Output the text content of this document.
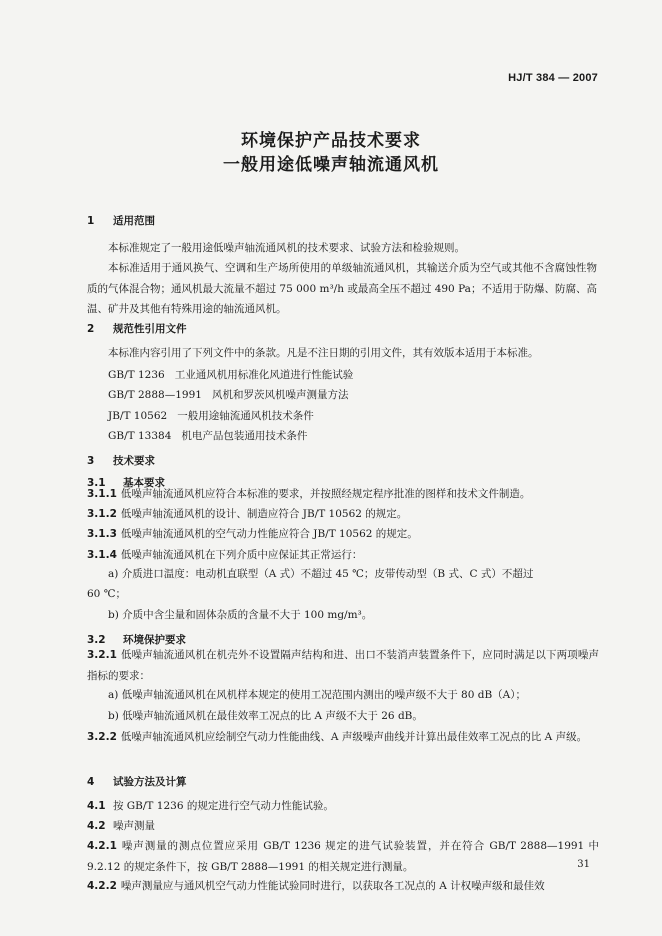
HJ/T 384 — 2007
环境保护产品技术要求
一般用途低噪声轴流通风机
1 适用范围
本标准规定了一般用途低噪声轴流通风机的技术要求、试验方法和检验规则。
本标准适用于通风换气、空调和生产场所使用的单级轴流通风机，其输送介质为空气或其他不含腐蚀性物质的气体混合物；通风机最大流量不超过 75 000 m³/h 或最高全压不超过 490 Pa；不适用于防爆、防腐、高温、矿井及其他有特殊用途的轴流通风机。
2 规范性引用文件
本标准内容引用了下列文件中的条款。凡是不注日期的引用文件，其有效版本适用于本标准。
GB/T 1236   工业通风机用标准化风道进行性能试验
GB/T 2888—1991   风机和罗茨风机噪声测量方法
JB/T 10562   一般用途轴流通风机技术条件
GB/T 13384   机电产品包装通用技术条件
3 技术要求
3.1 基本要求
3.1.1 低噪声轴流通风机应符合本标准的要求，并按照经规定程序批准的图样和技术文件制造。
3.1.2 低噪声轴流通风机的设计、制造应符合 JB/T 10562 的规定。
3.1.3 低噪声轴流通风机的空气动力性能应符合 JB/T 10562 的规定。
3.1.4 低噪声轴流通风机在下列介质中应保证其正常运行：
a) 介质进口温度：电动机直联型（A 式）不超过 45 ℃；皮带传动型（B 式、C 式）不超过
60 ℃；
b) 介质中含尘量和固体杂质的含量不大于 100 mg/m³。
3.2 环境保护要求
3.2.1 低噪声轴流通风机在机壳外不设置隔声结构和进、出口不装消声装置条件下，应同时满足以下两项噪声指标的要求：
a) 低噪声轴流通风机在风机样本规定的使用工况范围内测出的噪声级不大于 80 dB（A）；
b) 低噪声轴流通风机在最佳效率工况点的比 A 声级不大于 26 dB。
3.2.2 低噪声轴流通风机应绘制空气动力性能曲线、A 声级噪声曲线并计算出最佳效率工况点的比 A 声级。
4 试验方法及计算
4.1 按 GB/T 1236 的规定进行空气动力性能试验。
4.2 噪声测量
4.2.1 噪声测量的测点位置应采用 GB/T 1236 规定的进气试验装置，并在符合 GB/T 2888—1991 中 9.2.12 的规定条件下，按 GB/T 2888—1991 的相关规定进行测量。
4.2.2 噪声测量应与通风机空气动力性能试验同时进行，以获取各工况点的 A 计权噪声级和最佳效
31
